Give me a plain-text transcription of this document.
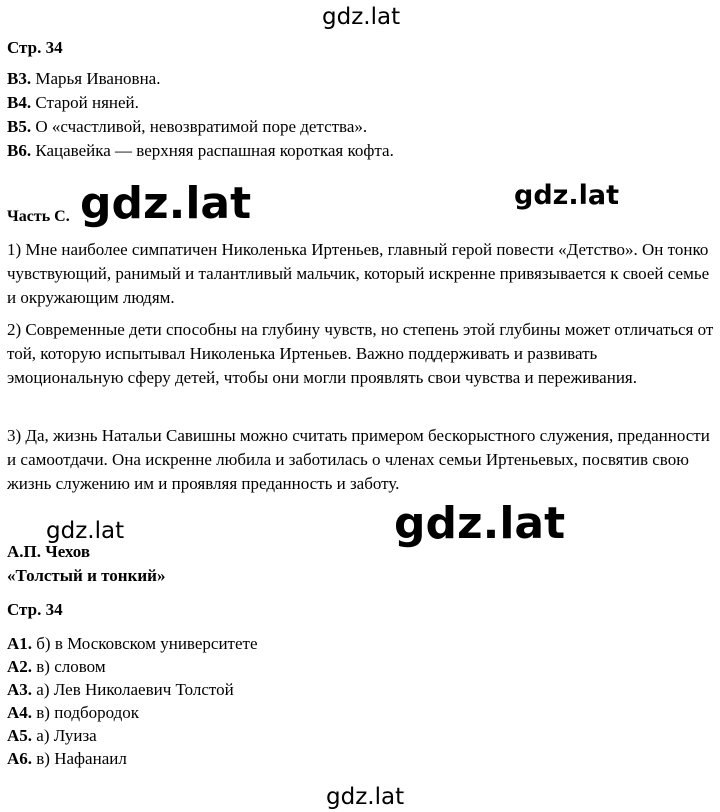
gdz.lat
gdz.lat	gdz.lat
gdz.lat	gdz.lat
gdz.lat
Стр. 34
В3. Марья Ивановна.
В4. Старой няней.
В5. О «счастливой, невозвратимой поре детства».
В6. Кацавейка — верхняя распашная короткая кофта.
Часть С.
1) Мне наиболее симпатичен Николенька Иртеньев, главный герой повести «Детство». Он тонко чувствующий, ранимый и талантливый мальчик, который искренне привязывается к своей семье и окружающим людям.
2) Современные дети способны на глубину чувств, но степень этой глубины может отличаться от той, которую испытывал Николенька Иртеньев. Важно поддерживать и развивать эмоциональную сферу детей, чтобы они могли проявлять свои чувства и переживания.
3) Да, жизнь Натальи Савишны можно считать примером бескорыстного служения, преданности и самоотдачи. Она искренне любила и заботилась о членах семьи Иртеньевых, посвятив свою жизнь служению им и проявляя преданность и заботу.
А.П. Чехов
«Толстый и тонкий»
Стр. 34
А1. б) в Московском университете
А2. в) словом
А3. а) Лев Николаевич Толстой
А4. в) подбородок
А5. а) Луиза
А6. в) Нафанаил
